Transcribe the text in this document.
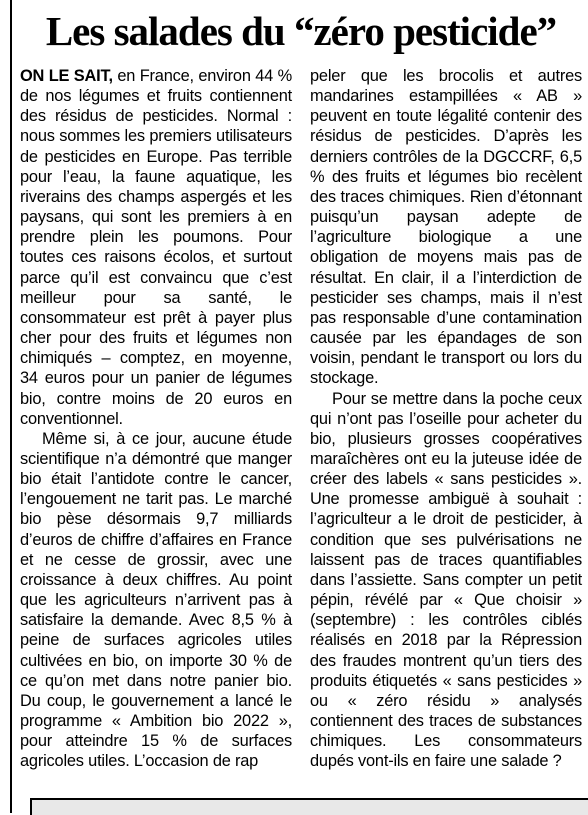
Les salades du “zéro pesticide”

ON LE SAIT, en France, environ 44 % de nos légumes et fruits contiennent des résidus de pesticides. Normal : nous sommes les premiers utilisateurs de pesticides en Europe. Pas terrible pour l’eau, la faune aquatique, les riverains des champs aspergés et les paysans, qui sont les premiers à en prendre plein les poumons. Pour toutes ces raisons écolos, et surtout parce qu’il est convaincu que c’est meilleur pour sa santé, le consommateur est prêt à payer plus cher pour des fruits et légumes non chimiqués – comptez, en moyenne, 34 euros pour un panier de légumes bio, contre moins de 20 euros en conventionnel.

Même si, à ce jour, aucune étude scientifique n’a démontré que manger bio était l’antidote contre le cancer, l’engouement ne tarit pas. Le marché bio pèse désormais 9,7 milliards d’euros de chiffre d’affaires en France et ne cesse de grossir, avec une croissance à deux chiffres. Au point que les agriculteurs n’arrivent pas à satisfaire la demande. Avec 8,5 % à peine de surfaces agricoles utiles cultivées en bio, on importe 30 % de ce qu’on met dans notre panier bio. Du coup, le gouvernement a lancé le programme « Ambition bio 2022 », pour atteindre 15 % de surfaces agricoles utiles. L’occasion de rap

peler que les brocolis et autres mandarines estampillées « AB » peuvent en toute légalité contenir des résidus de pesticides. D’après les derniers contrôles de la DGCCRF, 6,5 % des fruits et légumes bio recèlent des traces chimiques. Rien d’étonnant puisqu’un paysan adepte de l’agriculture biologique a une obligation de moyens mais pas de résultat. En clair, il a l’interdiction de pesticider ses champs, mais il n’est pas responsable d’une contamination causée par les épandages de son voisin, pendant le transport ou lors du stockage.

Pour se mettre dans la poche ceux qui n’ont pas l’oseille pour acheter du bio, plusieurs grosses coopératives maraîchères ont eu la juteuse idée de créer des labels « sans pesticides ». Une promesse ambiguë à souhait : l’agriculteur a le droit de pesticider, à condition que ses pulvérisations ne laissent pas de traces quantifiables dans l’assiette. Sans compter un petit pépin, révélé par « Que choisir » (septembre) : les contrôles ciblés réalisés en 2018 par la Répression des fraudes montrent qu’un tiers des produits étiquetés « sans pesticides » ou « zéro résidu » analysés contiennent des traces de substances chimiques. Les consommateurs dupés vont-ils en faire une salade ?
